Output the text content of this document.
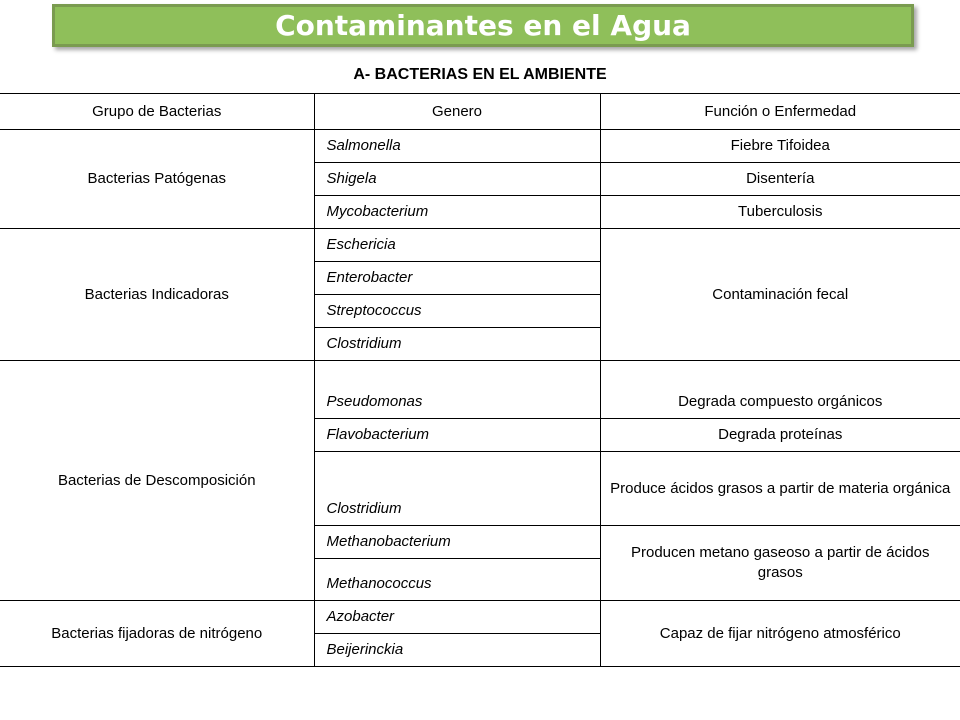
Contaminantes en el Agua
A- BACTERIAS EN EL AMBIENTE
Grupo de Bacterias	Genero	Función o Enfermedad
Bacterias Patógenas	Salmonella	Fiebre Tifoidea
	Shigela	Disentería
	Mycobacterium	Tuberculosis
Bacterias Indicadoras	Eschericia	Contaminación fecal
	Enterobacter	
	Streptococcus	
	Clostridium	
Bacterias de Descomposición	Pseudomonas	Degrada compuesto orgánicos
	Flavobacterium	Degrada proteínas
	Clostridium	Produce ácidos grasos a partir de materia orgánica
	Methanobacterium	Producen metano gaseoso a partir de ácidos grasos
	Methanococcus	
Bacterias fijadoras de nitrógeno	Azobacter	Capaz de fijar nitrógeno atmosférico
	Beijerinckia	
